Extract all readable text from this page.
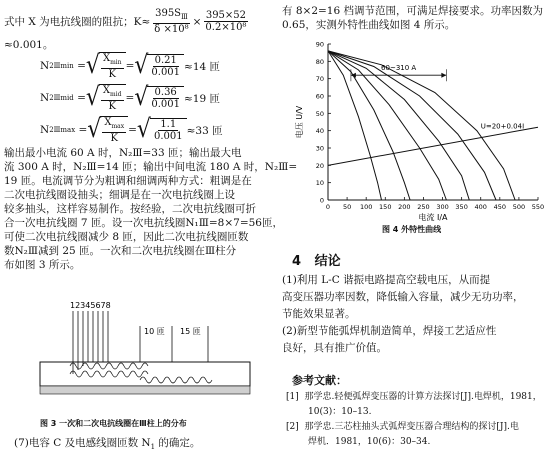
式中 X 为电抗线圈的阻抗；$K\approx \frac{395S_Ⅲ}{\text{δ ×10⁸}} \times \frac{395\times 52}{\text{0.2×10⁸}}$
≈0.001。
N 2Ⅲmin = √ $\frac{X_{min}}{K}$ = √ $\frac{0.21}{0.001} \approx 14$ 匝
N 2Ⅲmid = √ $\frac{X_{mid}}{K}$ = √ $\frac{0.36}{0.001} \approx 19$ 匝
N 2Ⅲmax = √ $\frac{X_{max}}{K}$ = √ $\frac{1.1}{0.001} \approx 33$ 匝
输出最小电流 60 A 时，N₂Ⅲ=33 匝；输出最大电
流 300 A 时，N₂Ⅲ=14 匝；输出中间电流 180 A 时，N₂Ⅲ=
19 匝。电流调节分为粗调和细调两种方式：粗调是在
二次电抗线圈设抽头；细调是在一次电抗线圈上设
较多抽头，这样容易制作。按经验，二次电抗线圈可折
合一次电抗线圈 7 匝。设一次电抗线圈N₁Ⅲ=8×7=56匝，
可使二次电抗线圈减少 8 匝，因此二次电抗线圈匝数
数N₂Ⅲ减到 25 匝。一次和二次电抗线圈在Ⅲ柱分
布如图 3 所示。
12345678
10 匝 15 匝
图 3 一次和二次电抗线圈在Ⅲ柱上的分布
(7)电容 C 及电感线圈匝数 $N_1$ 的确定。
有 8×2=16 档调节范围，可满足焊接要求。功率因数为
0.65，实测外特性曲线如图 4 所示。
0 50 100 150 200 250 300 350 400 450 500 550
0
10
20
30
40
50
60
70
80
90
电流 I/A
电压 U/V	U=20+0.04I
60~310 A
图 4 外特性曲线
4 结论
(1)利用 L-C 谐振电路提高空载电压，从而提
高变压器功率因数，降低输入容量，减少无功功率，
节能效果显著。
(2)新型节能弧焊机制造简单，焊接工艺适应性
良好，具有推广价值。
参考文献：
[1] 那学忠.轻便弧焊变压器的计算方法探讨[J].电焊机，1981，
10(3)：10–13.
[2] 那学忠.三芯柱抽头式弧焊变压器合理结构的探讨[J].电
焊机．1981，10(6)：30–34.
